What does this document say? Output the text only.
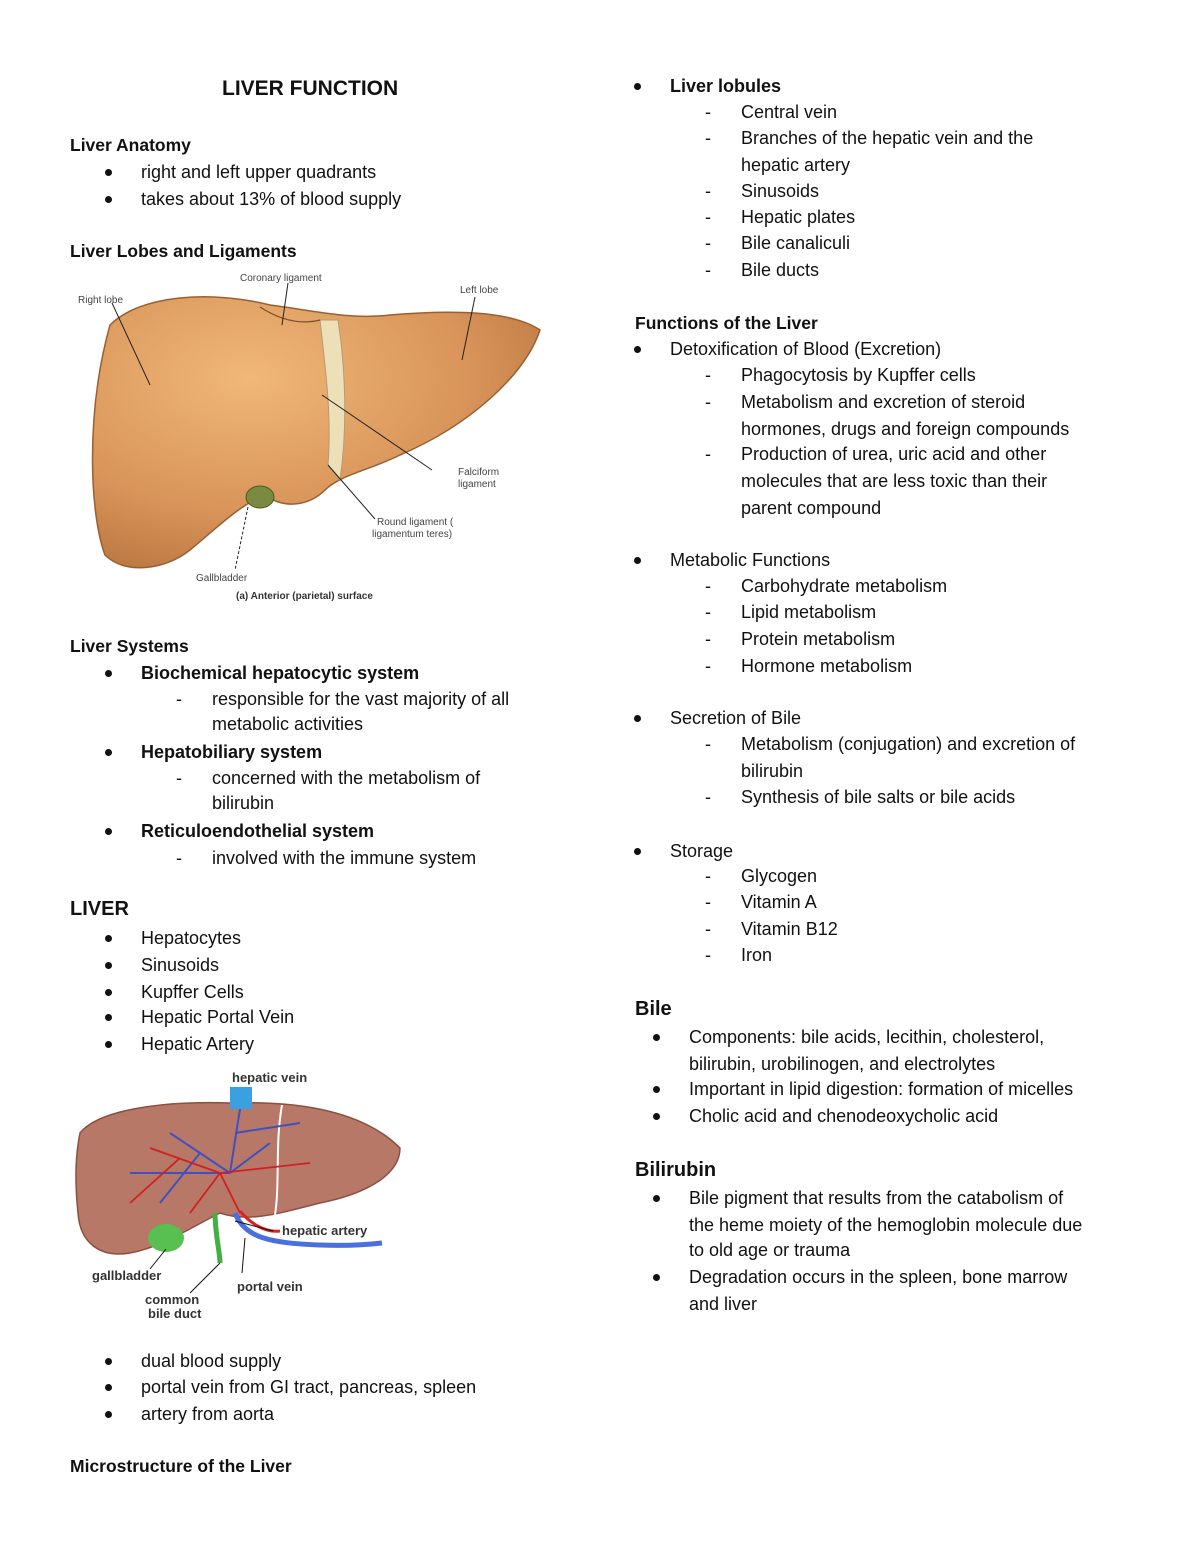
LIVER FUNCTION
Liver Anatomy
right and left upper quadrants
takes about 13% of blood supply
Liver Lobes and Ligaments
Right lobe
Coronary ligament
Left lobe
Falciform
ligament
Round ligament (
ligamentum teres)
Gallbladder
(a) Anterior (parietal) surface
Liver Systems
Biochemical hepatocytic system
- responsible for the vast majority of all
metabolic activities
Hepatobiliary system
- concerned with the metabolism of
bilirubin
Reticuloendothelial system
- involved with the immune system
LIVER
Hepatocytes
Sinusoids
Kupffer Cells
Hepatic Portal Vein
Hepatic Artery
hepatic vein
hepatic artery
gallbladder
portal vein
common
bile duct
dual blood supply
portal vein from GI tract, pancreas, spleen
artery from aorta
Microstructure of the Liver
Liver lobules
- Central vein
- Branches of the hepatic vein and the
hepatic artery
- Sinusoids
- Hepatic plates
- Bile canaliculi
- Bile ducts
Functions of the Liver
Detoxification of Blood (Excretion)
- Phagocytosis by Kupffer cells
- Metabolism and excretion of steroid
hormones, drugs and foreign compounds
- Production of urea, uric acid and other
molecules that are less toxic than their
parent compound
Metabolic Functions
- Carbohydrate metabolism
- Lipid metabolism
- Protein metabolism
- Hormone metabolism
Secretion of Bile
- Metabolism (conjugation) and excretion of
bilirubin
- Synthesis of bile salts or bile acids
Storage
- Glycogen
- Vitamin A
- Vitamin B12
- Iron
Bile
Components: bile acids, lecithin, cholesterol,
bilirubin, urobilinogen, and electrolytes
Important in lipid digestion: formation of micelles
Cholic acid and chenodeoxycholic acid
Bilirubin
Bile pigment that results from the catabolism of
the heme moiety of the hemoglobin molecule due
to old age or trauma
Degradation occurs in the spleen, bone marrow
and liver
